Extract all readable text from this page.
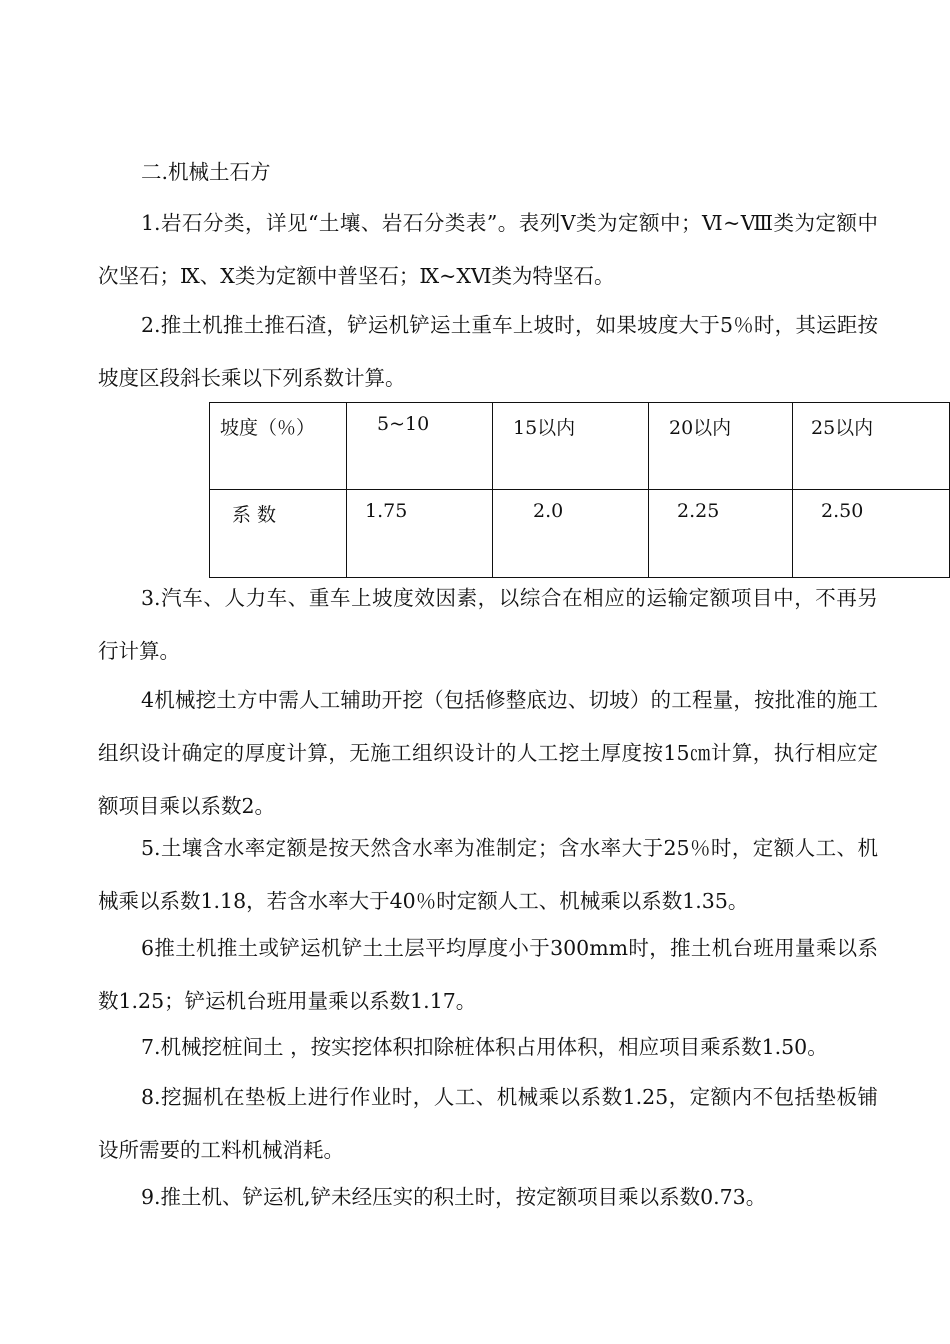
二.机械土石方

1.岩石分类，详见“土壤、岩石分类表”。表列Ⅴ类为定额中；Ⅵ~Ⅷ类为定额中次坚石；Ⅸ、Ⅹ类为定额中普坚石；Ⅸ~ⅩⅥ类为特坚石。

2.推土机推土推石渣，铲运机铲运土重车上坡时，如果坡度大于5％时，其运距按坡度区段斜长乘以下列系数计算。

坡度（％）	5~10	15以内	20以内	25以内
系 数	1.75	2.0	2.25	2.50

3.汽车、人力车、重车上坡度效因素，以综合在相应的运输定额项目中，不再另行计算。

4机械挖土方中需人工辅助开挖（包括修整底边、切坡）的工程量，按批准的施工组织设计确定的厚度计算，无施工组织设计的人工挖土厚度按15㎝计算，执行相应定额项目乘以系数2。

5.土壤含水率定额是按天然含水率为准制定；含水率大于25％时，定额人工、机械乘以系数1.18，若含水率大于40％时定额人工、机械乘以系数1.35。

6推土机推土或铲运机铲土土层平均厚度小于300mm时，推土机台班用量乘以系数1.25；铲运机台班用量乘以系数1.17。

7.机械挖桩间土 ，按实挖体积扣除桩体积占用体积，相应项目乘系数1.50。

8.挖掘机在垫板上进行作业时，人工、机械乘以系数1.25，定额内不包括垫板铺设所需要的工料机械消耗。

9.推土机、铲运机,铲未经压实的积土时，按定额项目乘以系数0.73。
